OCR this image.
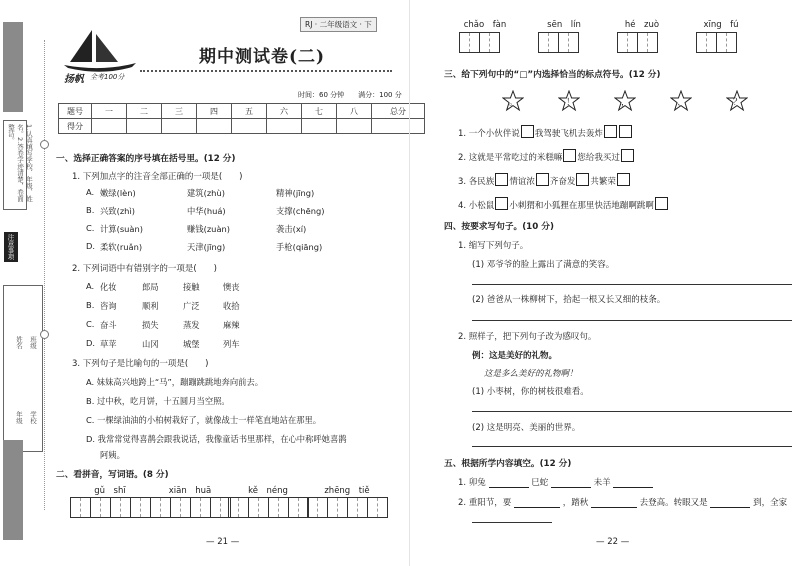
1.认真填写学校、年级、姓名。2.答卷字迹清楚，卷面整洁。
注意事项
班级
学校
姓名
年级
扬帆 全考100分
RJ · 二年级语文 · 下
期中测试卷(二)
时间：60 分钟　　满分：100 分
题号	一	二	三	四	五	六	七	八	总分
得分									
一、选择正确答案的序号填在括号里。(12 分)
1. 下列加点字的注音全部正确的一项是(　　)
A. 嫩绿(lèn)	建筑(zhù)	精神(jīng)
B. 兴致(zhì)	中华(huá)	支撑(chēng)
C. 计算(suàn)	赚钱(zuàn)	袭击(xí)
D. 柔软(ruǎn)	天津(jīng)	手枪(qiāng)
2. 下列词语中有错别字的一项是(　　)
A. 化妆	郎局	接触	懊丧
B. 咨询	顺利	广泛	收拾
C. 奋斗	损失	蒸发	麻辣
D. 草苹	山冈	城堡	列车
3. 下列句子是比喻句的一项是(　　)
A. 妹妹高兴地跨上“马”，蹦蹦跳跳地奔向前去。
B. 过中秋，吃月饼，十五圆月当空照。
C. 一棵绿油油的小柏树栽好了，就像战士一样笔直地站在那里。
D. 我常常觉得喜鹊会跟我说话，我像童话书里那样，在心中称呼她喜鹊
阿姨。
二、看拼音，写词语。(8 分)
gǔ　shī	xiān　huā	kě　néng	zhēng　tiě
— 21 —
chǎo　fàn	sēn　lín	hé　zuò	xīng　fú
三、给下列句中的“□”内选择恰当的标点符号。(12 分)
。	！	，	、	？
1. 一个小伙伴说 我驾驶飞机去轰炸
2. 这就是平常吃过的米糕嘛 您给我买过
3. 各民族 情谊浓 齐奋发 共繁荣
4. 小松鼠 小刺猬和小狐狸在那里快活地蹦啊跳啊
四、按要求写句子。(10 分)
1. 缩写下列句子。
(1) 邓爷爷的脸上露出了满意的笑容。
(2) 爸爸从一株柳树下，拾起一根又长又细的枝条。
2. 照样子，把下列句子改为感叹句。
例：这是美好的礼物。
这是多么美好的礼物啊！
(1) 小枣树，你的树枝很难看。
(2) 这是明亮、美丽的世界。
五、根据所学内容填空。(12 分)
1. 卯兔	巳蛇	未羊
2. 重阳节，要	，踏秋	去登高。转眼又是	到，全家
— 22 —
